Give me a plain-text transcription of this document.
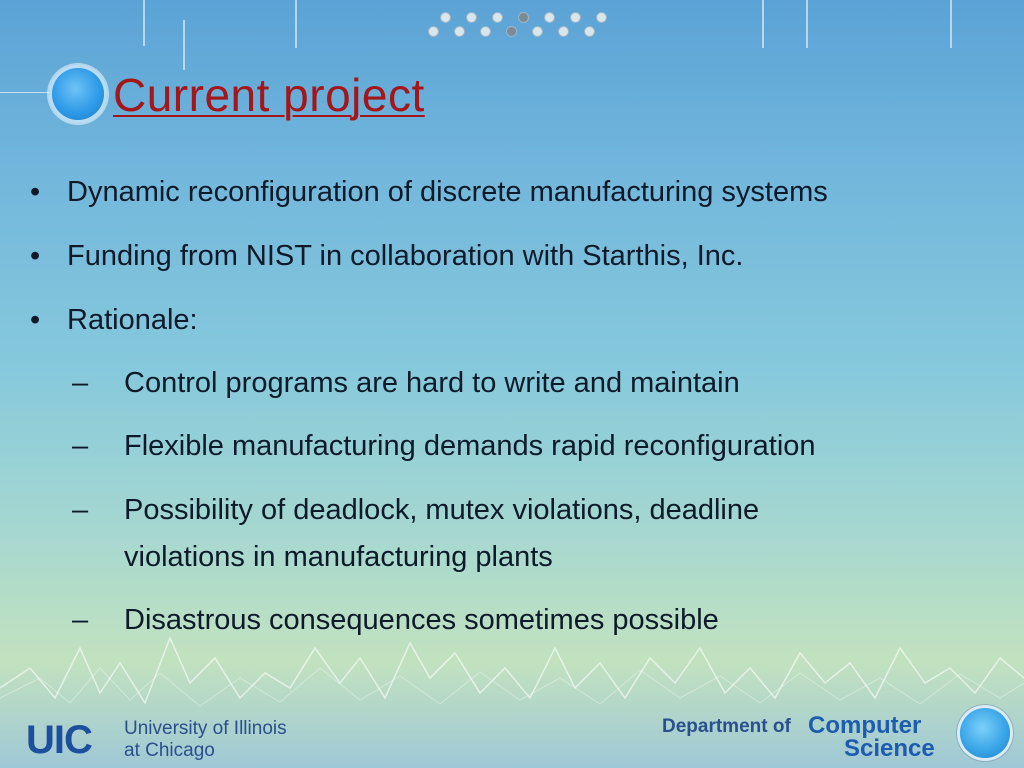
Current project
• Dynamic reconfiguration of discrete manufacturing systems
• Funding from NIST in collaboration with Starthis, Inc.
• Rationale:
– Control programs are hard to write and maintain
– Flexible manufacturing demands rapid reconfiguration
– Possibility of deadlock, mutex violations, deadline
violations in manufacturing plants
– Disastrous consequences sometimes possible
UIC University of Illinois
at Chicago
Department of Computer
Science
